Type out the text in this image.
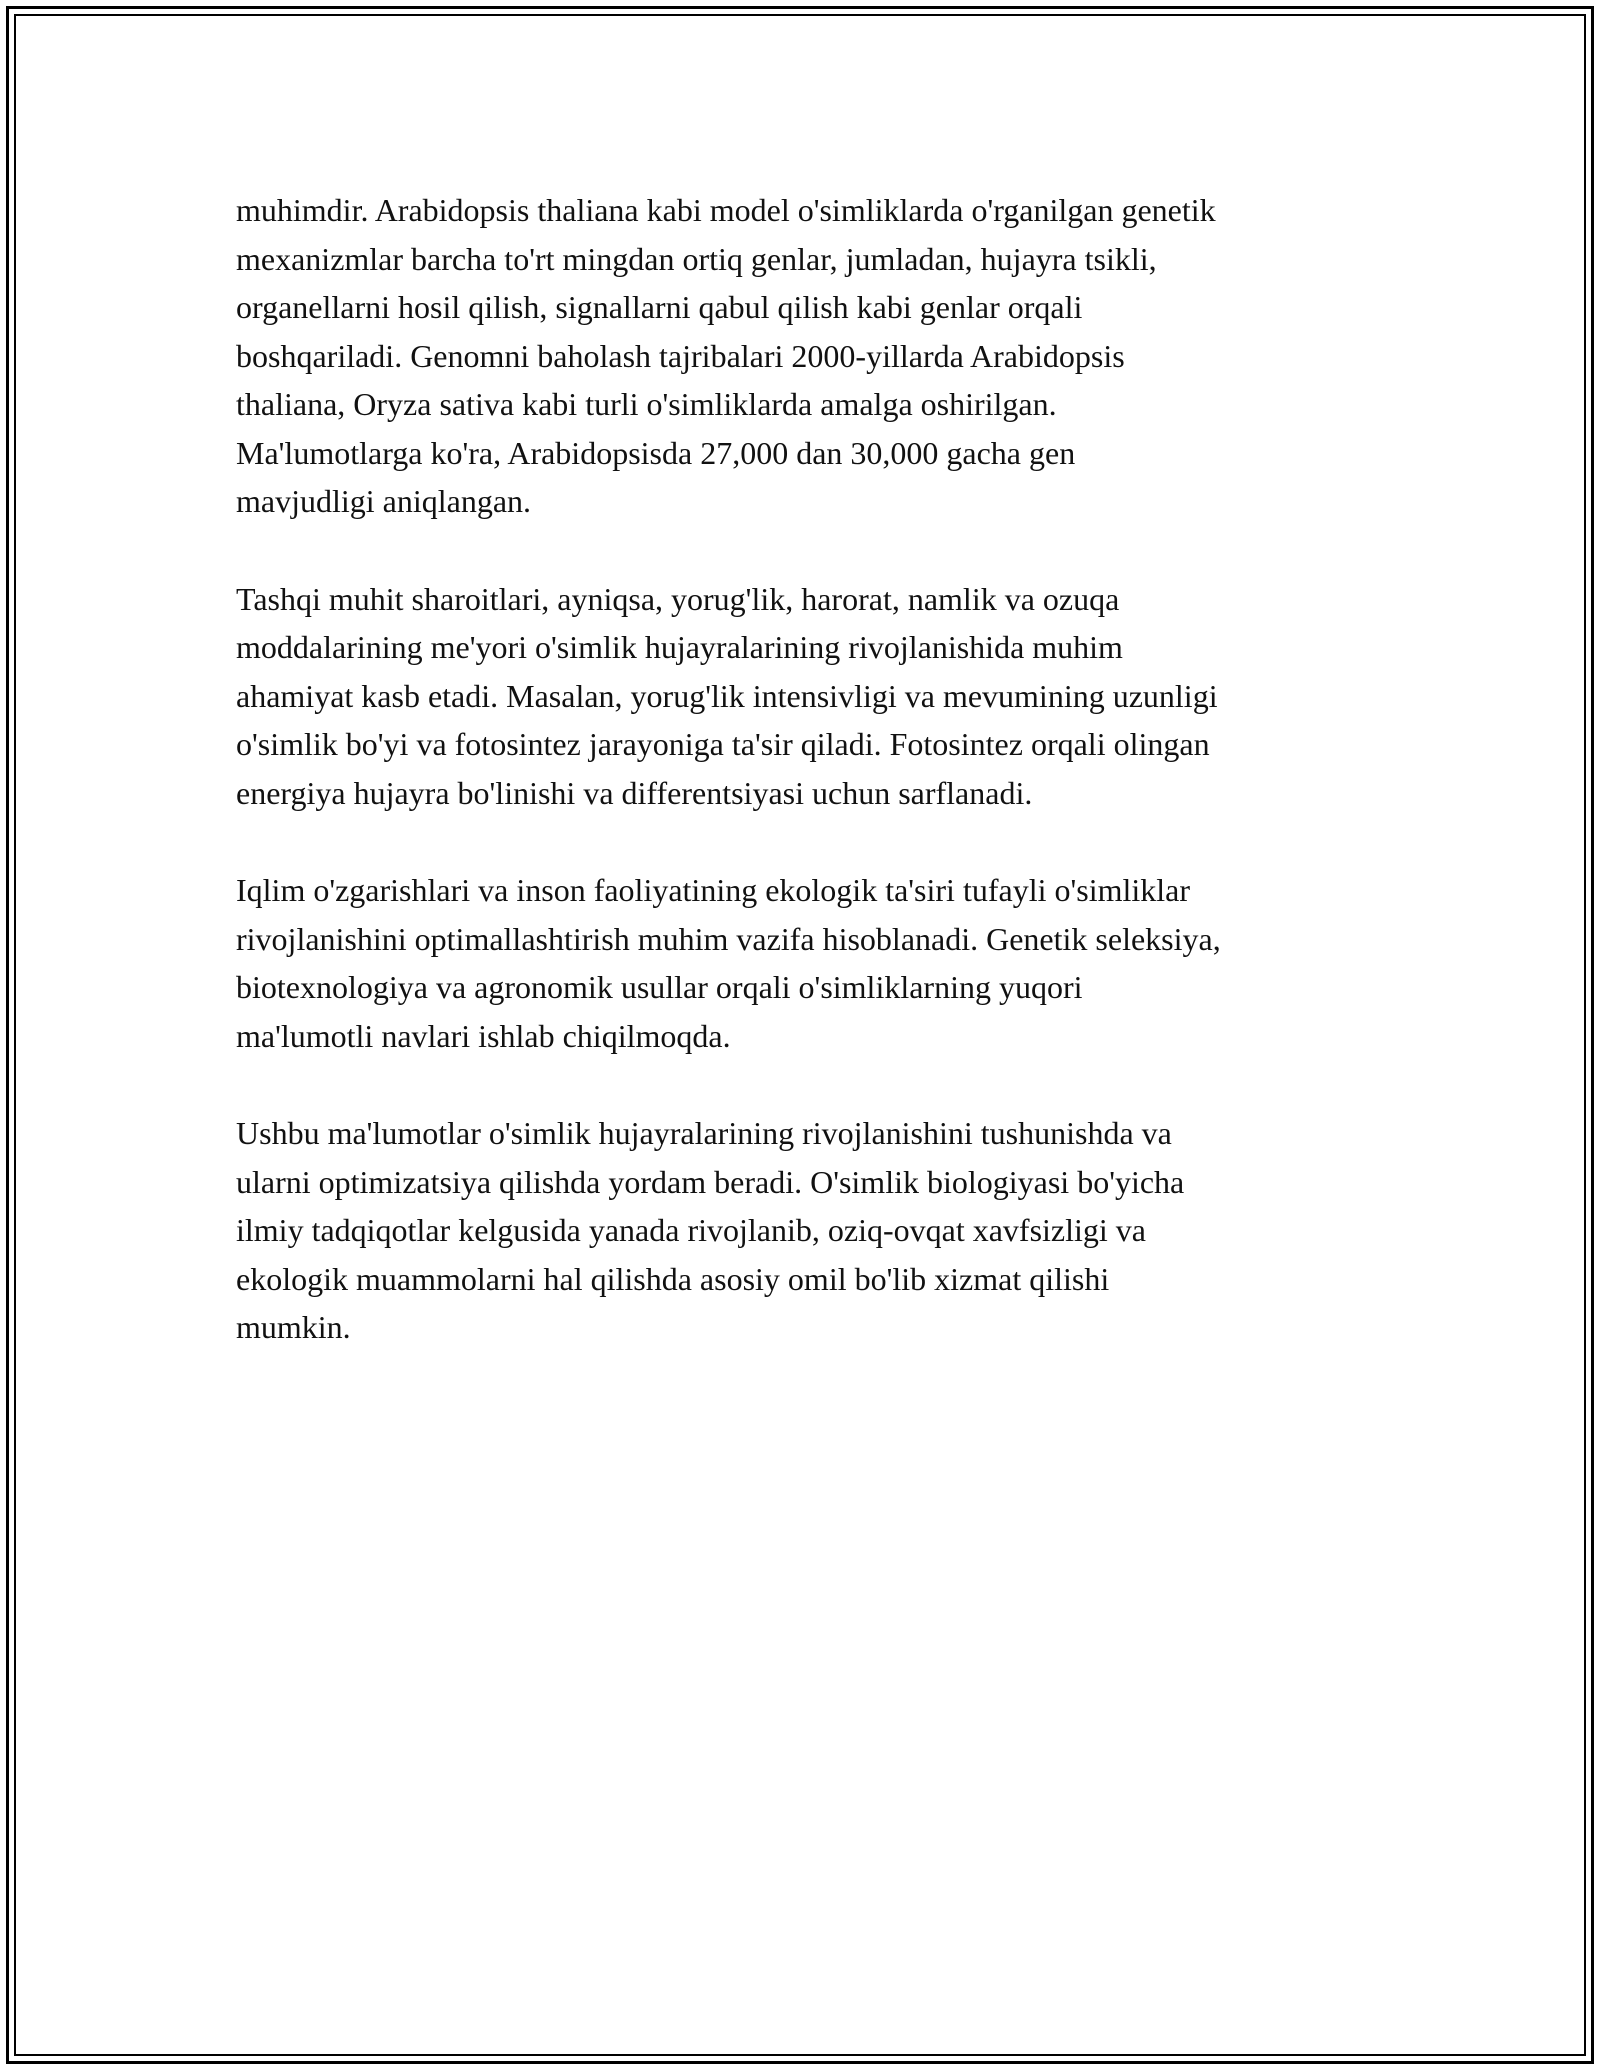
muhimdir. Arabidopsis thaliana kabi model o'simliklarda o'rganilgan genetik
mexanizmlar barcha to'rt mingdan ortiq genlar, jumladan, hujayra tsikli,
organellarni hosil qilish, signallarni qabul qilish kabi genlar orqali
boshqariladi. Genomni baholash tajribalari 2000-yillarda Arabidopsis
thaliana, Oryza sativa kabi turli o'simliklarda amalga oshirilgan.
Ma'lumotlarga ko'ra, Arabidopsisda 27,000 dan 30,000 gacha gen
mavjudligi aniqlangan.

Tashqi muhit sharoitlari, ayniqsa, yorug'lik, harorat, namlik va ozuqa
moddalarining me'yori o'simlik hujayralarining rivojlanishida muhim
ahamiyat kasb etadi. Masalan, yorug'lik intensivligi va mevumining uzunligi
o'simlik bo'yi va fotosintez jarayoniga ta'sir qiladi. Fotosintez orqali olingan
energiya hujayra bo'linishi va differentsiyasi uchun sarflanadi.

Iqlim o'zgarishlari va inson faoliyatining ekologik ta'siri tufayli o'simliklar
rivojlanishini optimallashtirish muhim vazifa hisoblanadi. Genetik seleksiya,
biotexnologiya va agronomik usullar orqali o'simliklarning yuqori
ma'lumotli navlari ishlab chiqilmoqda.

Ushbu ma'lumotlar o'simlik hujayralarining rivojlanishini tushunishda va
ularni optimizatsiya qilishda yordam beradi. O'simlik biologiyasi bo'yicha
ilmiy tadqiqotlar kelgusida yanada rivojlanib, oziq-ovqat xavfsizligi va
ekologik muammolarni hal qilishda asosiy omil bo'lib xizmat qilishi
mumkin.
